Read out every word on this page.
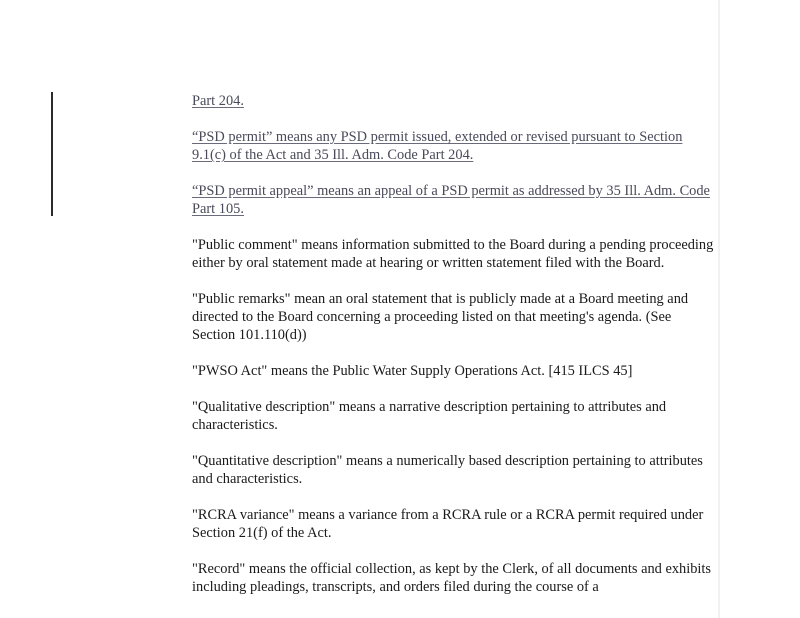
Part 204.

“PSD permit” means any PSD permit issued, extended or revised pursuant to Section 9.1(c) of the Act and 35 Ill. Adm. Code Part 204.

“PSD permit appeal” means an appeal of a PSD permit as addressed by 35 Ill. Adm. Code Part 105.

"Public comment" means information submitted to the Board during a pending proceeding either by oral statement made at hearing or written statement filed with the Board.

"Public remarks" mean an oral statement that is publicly made at a Board meeting and directed to the Board concerning a proceeding listed on that meeting's agenda. (See Section 101.110(d))

"PWSO Act" means the Public Water Supply Operations Act. [415 ILCS 45]

"Qualitative description" means a narrative description pertaining to attributes and characteristics.

"Quantitative description" means a numerically based description pertaining to attributes and characteristics.

"RCRA variance" means a variance from a RCRA rule or a RCRA permit required under Section 21(f) of the Act.

"Record" means the official collection, as kept by the Clerk, of all documents and exhibits including pleadings, transcripts, and orders filed during the course of a
